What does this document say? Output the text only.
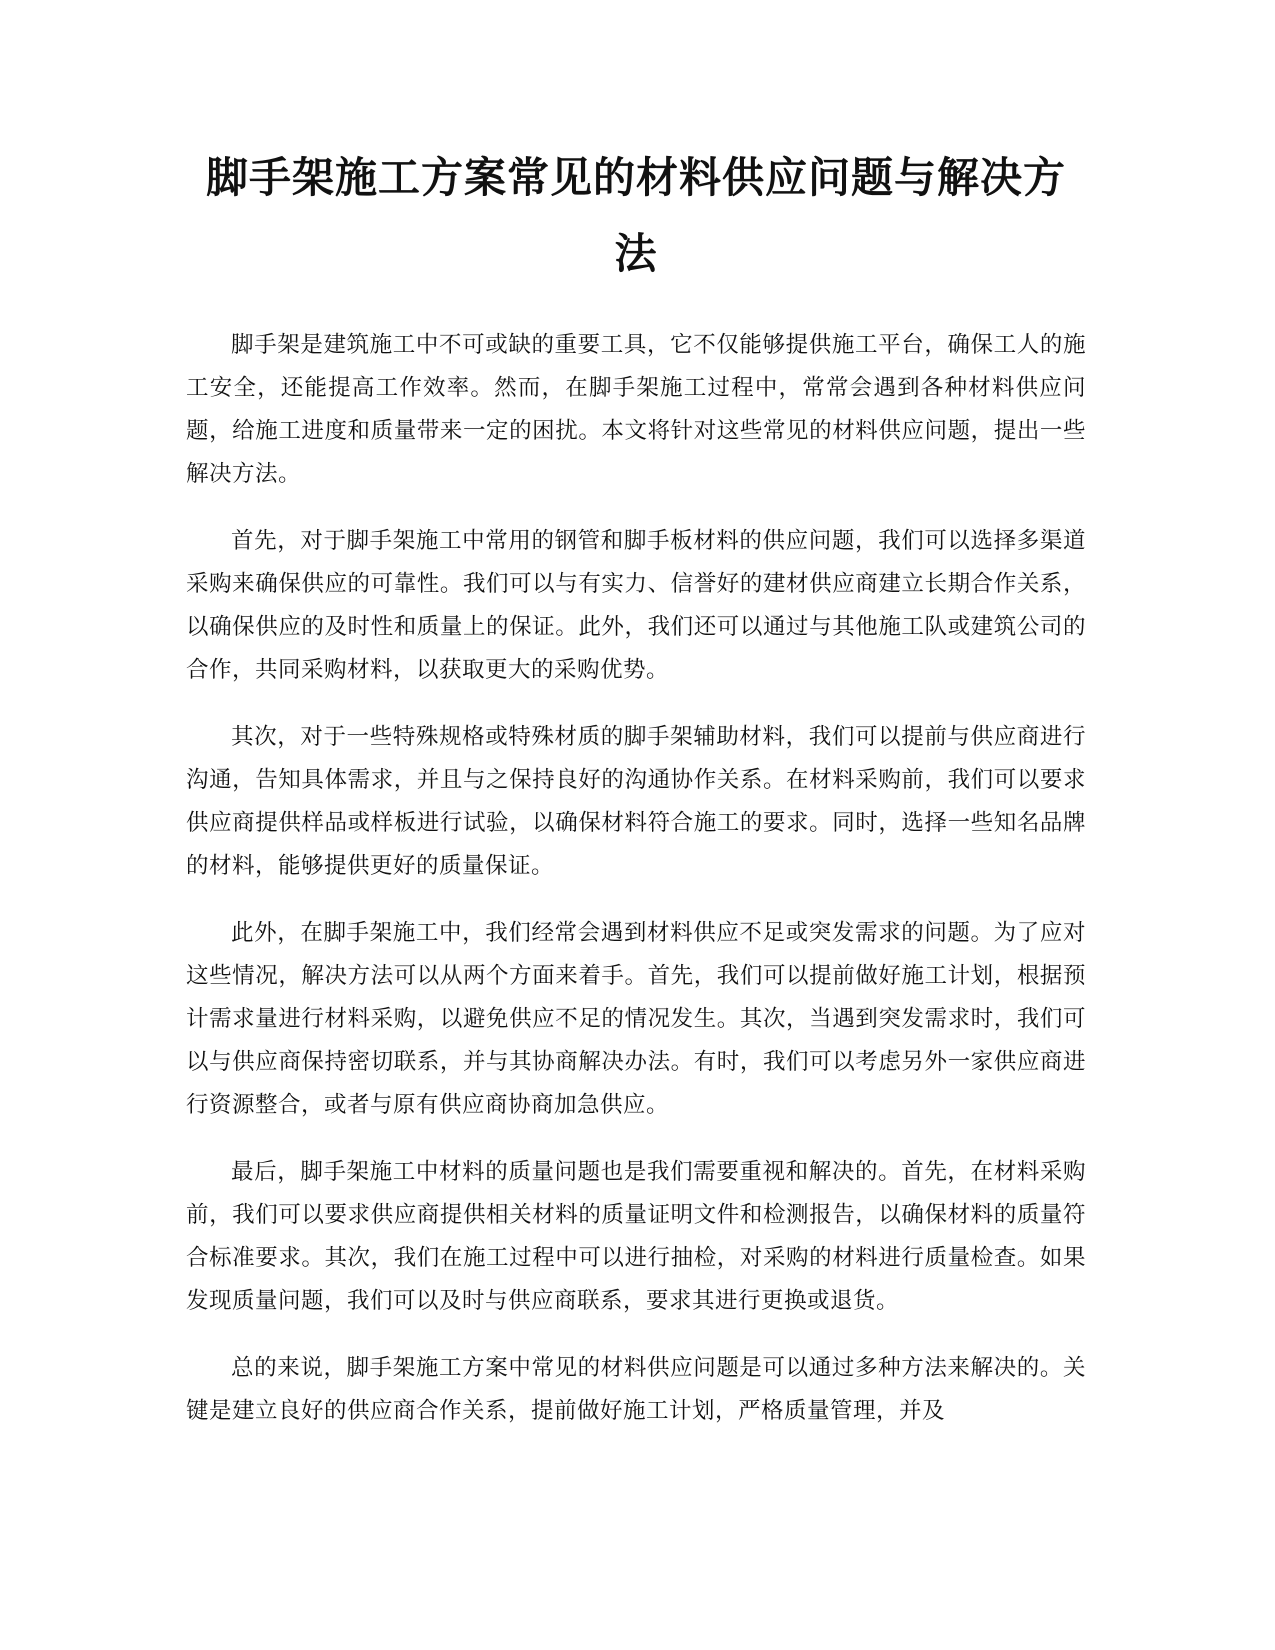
脚手架施工方案常见的材料供应问题与解决方法

脚手架是建筑施工中不可或缺的重要工具，它不仅能够提供施工平台，确保工人的施工安全，还能提高工作效率。然而，在脚手架施工过程中，常常会遇到各种材料供应问题，给施工进度和质量带来一定的困扰。本文将针对这些常见的材料供应问题，提出一些解决方法。

首先，对于脚手架施工中常用的钢管和脚手板材料的供应问题，我们可以选择多渠道采购来确保供应的可靠性。我们可以与有实力、信誉好的建材供应商建立长期合作关系，以确保供应的及时性和质量上的保证。此外，我们还可以通过与其他施工队或建筑公司的合作，共同采购材料，以获取更大的采购优势。

其次，对于一些特殊规格或特殊材质的脚手架辅助材料，我们可以提前与供应商进行沟通，告知具体需求，并且与之保持良好的沟通协作关系。在材料采购前，我们可以要求供应商提供样品或样板进行试验，以确保材料符合施工的要求。同时，选择一些知名品牌的材料，能够提供更好的质量保证。

此外，在脚手架施工中，我们经常会遇到材料供应不足或突发需求的问题。为了应对这些情况，解决方法可以从两个方面来着手。首先，我们可以提前做好施工计划，根据预计需求量进行材料采购，以避免供应不足的情况发生。其次，当遇到突发需求时，我们可以与供应商保持密切联系，并与其协商解决办法。有时，我们可以考虑另外一家供应商进行资源整合，或者与原有供应商协商加急供应。

最后，脚手架施工中材料的质量问题也是我们需要重视和解决的。首先，在材料采购前，我们可以要求供应商提供相关材料的质量证明文件和检测报告，以确保材料的质量符合标准要求。其次，我们在施工过程中可以进行抽检，对采购的材料进行质量检查。如果发现质量问题，我们可以及时与供应商联系，要求其进行更换或退货。

总的来说，脚手架施工方案中常见的材料供应问题是可以通过多种方法来解决的。关键是建立良好的供应商合作关系，提前做好施工计划，严格质量管理，并及
